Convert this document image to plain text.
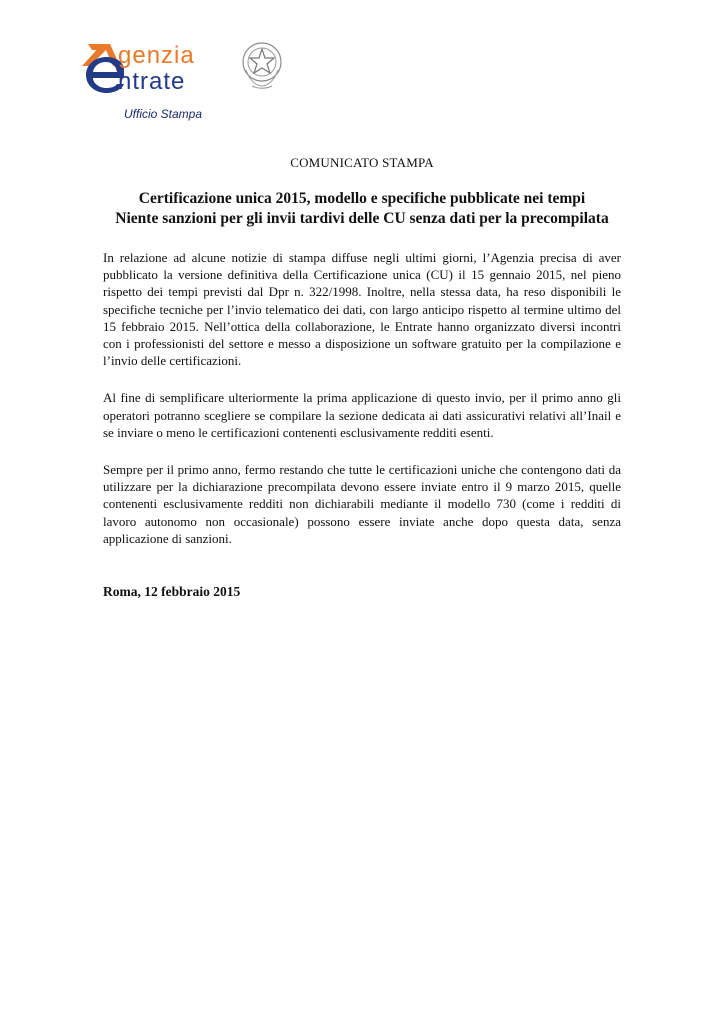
genzia
ntrate
Ufficio Stampa
COMUNICATO STAMPA
Certificazione unica 2015, modello e specifiche pubblicate nei tempi
Niente sanzioni per gli invii tardivi delle CU senza dati per la precompilata

In relazione ad alcune notizie di stampa diffuse negli ultimi giorni, l’Agenzia precisa di aver pubblicato la versione definitiva della Certificazione unica (CU) il 15 gennaio 2015, nel pieno rispetto dei tempi previsti dal Dpr n. 322/1998. Inoltre, nella stessa data, ha reso disponibili le specifiche tecniche per l’invio telematico dei dati, con largo anticipo rispetto al termine ultimo del 15 febbraio 2015. Nell’ottica della collaborazione, le Entrate hanno organizzato diversi incontri con i professionisti del settore e messo a disposizione un software gratuito per la compilazione e l’invio delle certificazioni.

Al fine di semplificare ulteriormente la prima applicazione di questo invio, per il primo anno gli operatori potranno scegliere se compilare la sezione dedicata ai dati assicurativi relativi all’Inail e se inviare o meno le certificazioni contenenti esclusivamente redditi esenti.

Sempre per il primo anno, fermo restando che tutte le certificazioni uniche che contengono dati da utilizzare per la dichiarazione precompilata devono essere inviate entro il 9 marzo 2015, quelle contenenti esclusivamente redditi non dichiarabili mediante il modello 730 (come i redditi di lavoro autonomo non occasionale) possono essere inviate anche dopo questa data, senza applicazione di sanzioni.

Roma, 12 febbraio 2015
